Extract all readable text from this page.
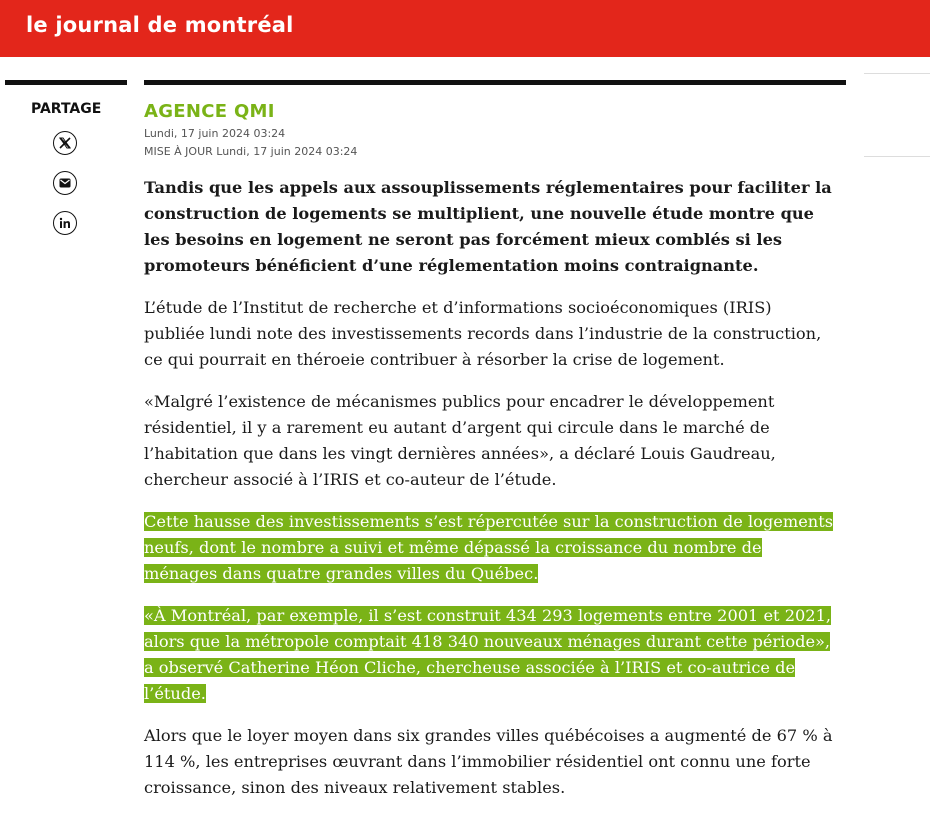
le journal de montréal
PARTAGE AGENCE QMI
Lundi, 17 juin 2024 03:24
MISE À JOUR Lundi, 17 juin 2024 03:24

Tandis que les appels aux assouplissements réglementaires pour faciliter la construction de logements se multiplient, une nouvelle étude montre que les besoins en logement ne seront pas forcément mieux comblés si les promoteurs bénéficient d’une réglementation moins contraignante.

L’étude de l’Institut de recherche et d’informations socioéconomiques (IRIS) publiée lundi note des investissements records dans l’industrie de la construction, ce qui pourrait en théroeie contribuer à résorber la crise de logement.

«Malgré l’existence de mécanismes publics pour encadrer le développement résidentiel, il y a rarement eu autant d’argent qui circule dans le marché de l’habitation que dans les vingt dernières années», a déclaré Louis Gaudreau, chercheur associé à l’IRIS et co-auteur de l’étude.

Cette hausse des investissements s’est répercutée sur la construction de logements neufs, dont le nombre a suivi et même dépassé la croissance du nombre de ménages dans quatre grandes villes du Québec.

«À Montréal, par exemple, il s’est construit 434 293 logements entre 2001 et 2021, alors que la métropole comptait 418 340 nouveaux ménages durant cette période», a observé Catherine Héon Cliche, chercheuse associée à l’IRIS et co-autrice de l’étude.

Alors que le loyer moyen dans six grandes villes québécoises a augmenté de 67 % à 114 %, les entreprises œuvrant dans l’immobilier résidentiel ont connu une forte croissance, sinon des niveaux relativement stables.
